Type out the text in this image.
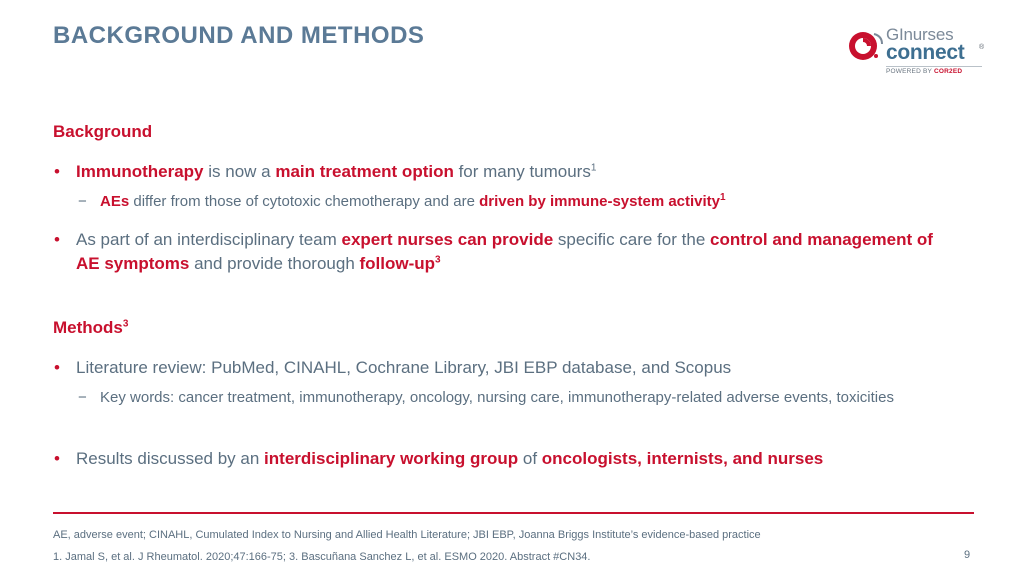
BACKGROUND AND METHODS	GInurses
connect ®
POWERED BY COR2ED
Background
• Immunotherapy is now a main treatment option for many tumours$^1$
− AEs differ from those of cytotoxic chemotherapy and are driven by immune-system activity$^1$
• As part of an interdisciplinary team expert nurses can provide specific care for the control and management of AE symptoms and provide thorough follow-$up^3$
Methods$^3$
• Literature review: PubMed, CINAHL, Cochrane Library, JBI EBP database, and Scopus
− Key words: cancer treatment, immunotherapy, oncology, nursing care, immunotherapy-related adverse events, toxicities
• Results discussed by an interdisciplinary working group of oncologists, internists, and nurses
AE, adverse event; CINAHL, Cumulated Index to Nursing and Allied Health Literature; JBI EBP, Joanna Briggs Institute’s evidence-based practice
1. Jamal S, et al. J Rheumatol. 2020;47:166-75; 3. Bascuñana Sanchez L, et al. ESMO 2020. Abstract #CN34.	9
